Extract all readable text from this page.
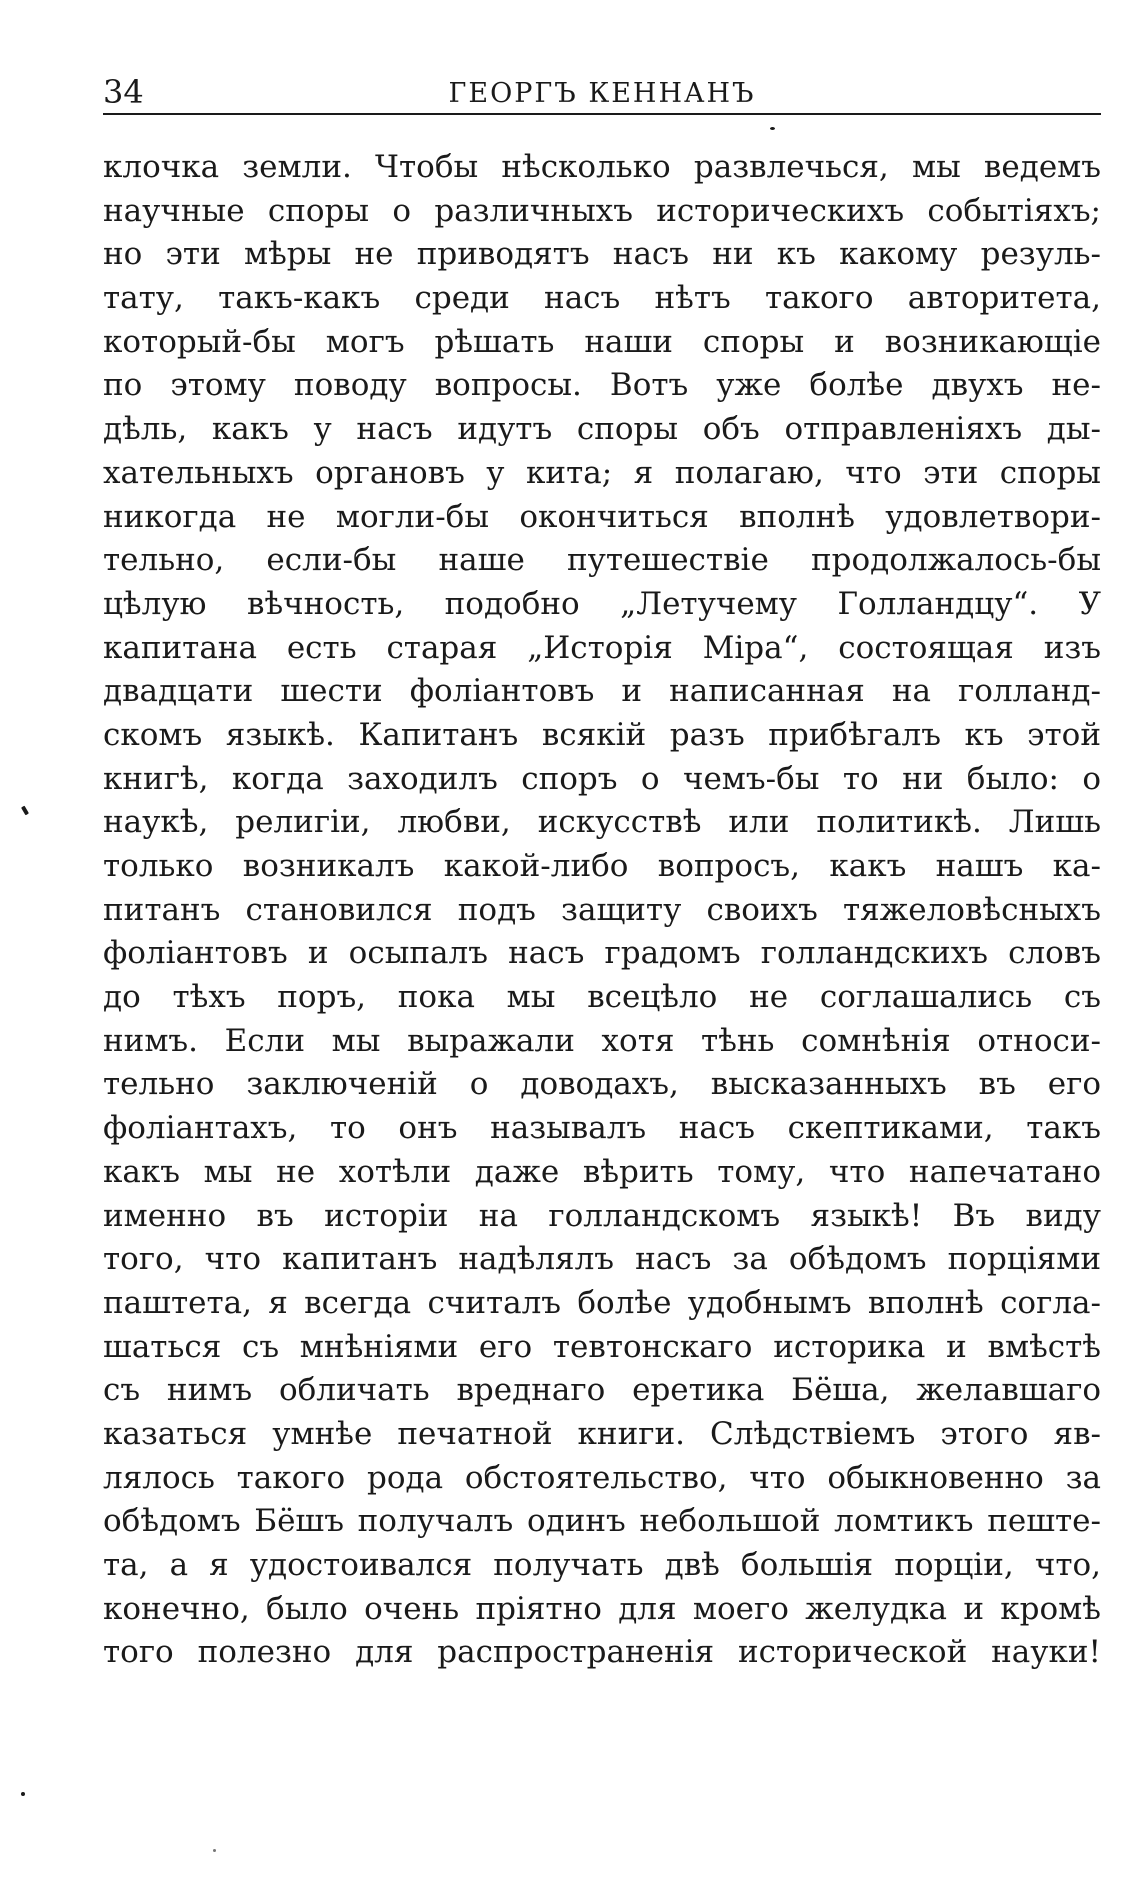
34	ГЕОРГЪ КЕННАНЪ
клочка земли. Чтобы нѣсколько развлечься, мы ведемъ
научные споры о различныхъ историческихъ событіяхъ;
но эти мѣры не приводятъ насъ ни къ какому резуль-
тату, такъ-какъ среди насъ нѣтъ такого авторитета,
который-бы могъ рѣшать наши споры и возникающіе
по этому поводу вопросы. Вотъ уже болѣе двухъ не-
дѣль, какъ у насъ идутъ споры объ отправленіяхъ ды-
хательныхъ органовъ у кита; я полагаю, что эти споры
никогда не могли-бы окончиться вполнѣ удовлетвори-
тельно, если-бы наше путешествіе продолжалось-бы
цѣлую вѣчность, подобно „Летучему Голландцу“. У
капитана есть старая „Исторія Міра“, состоящая изъ
двадцати шести фоліантовъ и написанная на голланд-
скомъ языкѣ. Капитанъ всякій разъ прибѣгалъ къ этой
книгѣ, когда заходилъ споръ о чемъ-бы то ни было: о
наукѣ, религіи, любви, искусствѣ или политикѣ. Лишь
только возникалъ какой-либо вопросъ, какъ нашъ ка-
питанъ становился подъ защиту своихъ тяжеловѣсныхъ
фоліантовъ и осыпалъ насъ градомъ голландскихъ словъ
до тѣхъ поръ, пока мы всецѣло не соглашались съ
нимъ. Если мы выражали хотя тѣнь сомнѣнія относи-
тельно заключеній о доводахъ, высказанныхъ въ его
фоліантахъ, то онъ называлъ насъ скептиками, такъ
какъ мы не хотѣли даже вѣрить тому, что напечатано
именно въ исторіи на голландскомъ языкѣ! Въ виду
того, что капитанъ надѣлялъ насъ за обѣдомъ порціями
паштета, я всегда считалъ болѣе удобнымъ вполнѣ согла-
шаться съ мнѣніями его тевтонскаго историка и вмѣстѣ
съ нимъ обличать вреднаго еретика Бёша, желавшаго
казаться умнѣе печатной книги. Слѣдствіемъ этого яв-
лялось такого рода обстоятельство, что обыкновенно за
обѣдомъ Бёшъ получалъ одинъ небольшой ломтикъ пеште-
та, а я удостоивался получать двѣ большія порціи, что,
конечно, было очень пріятно для моего желудка и кромѣ
того полезно для распространенія исторической науки!
